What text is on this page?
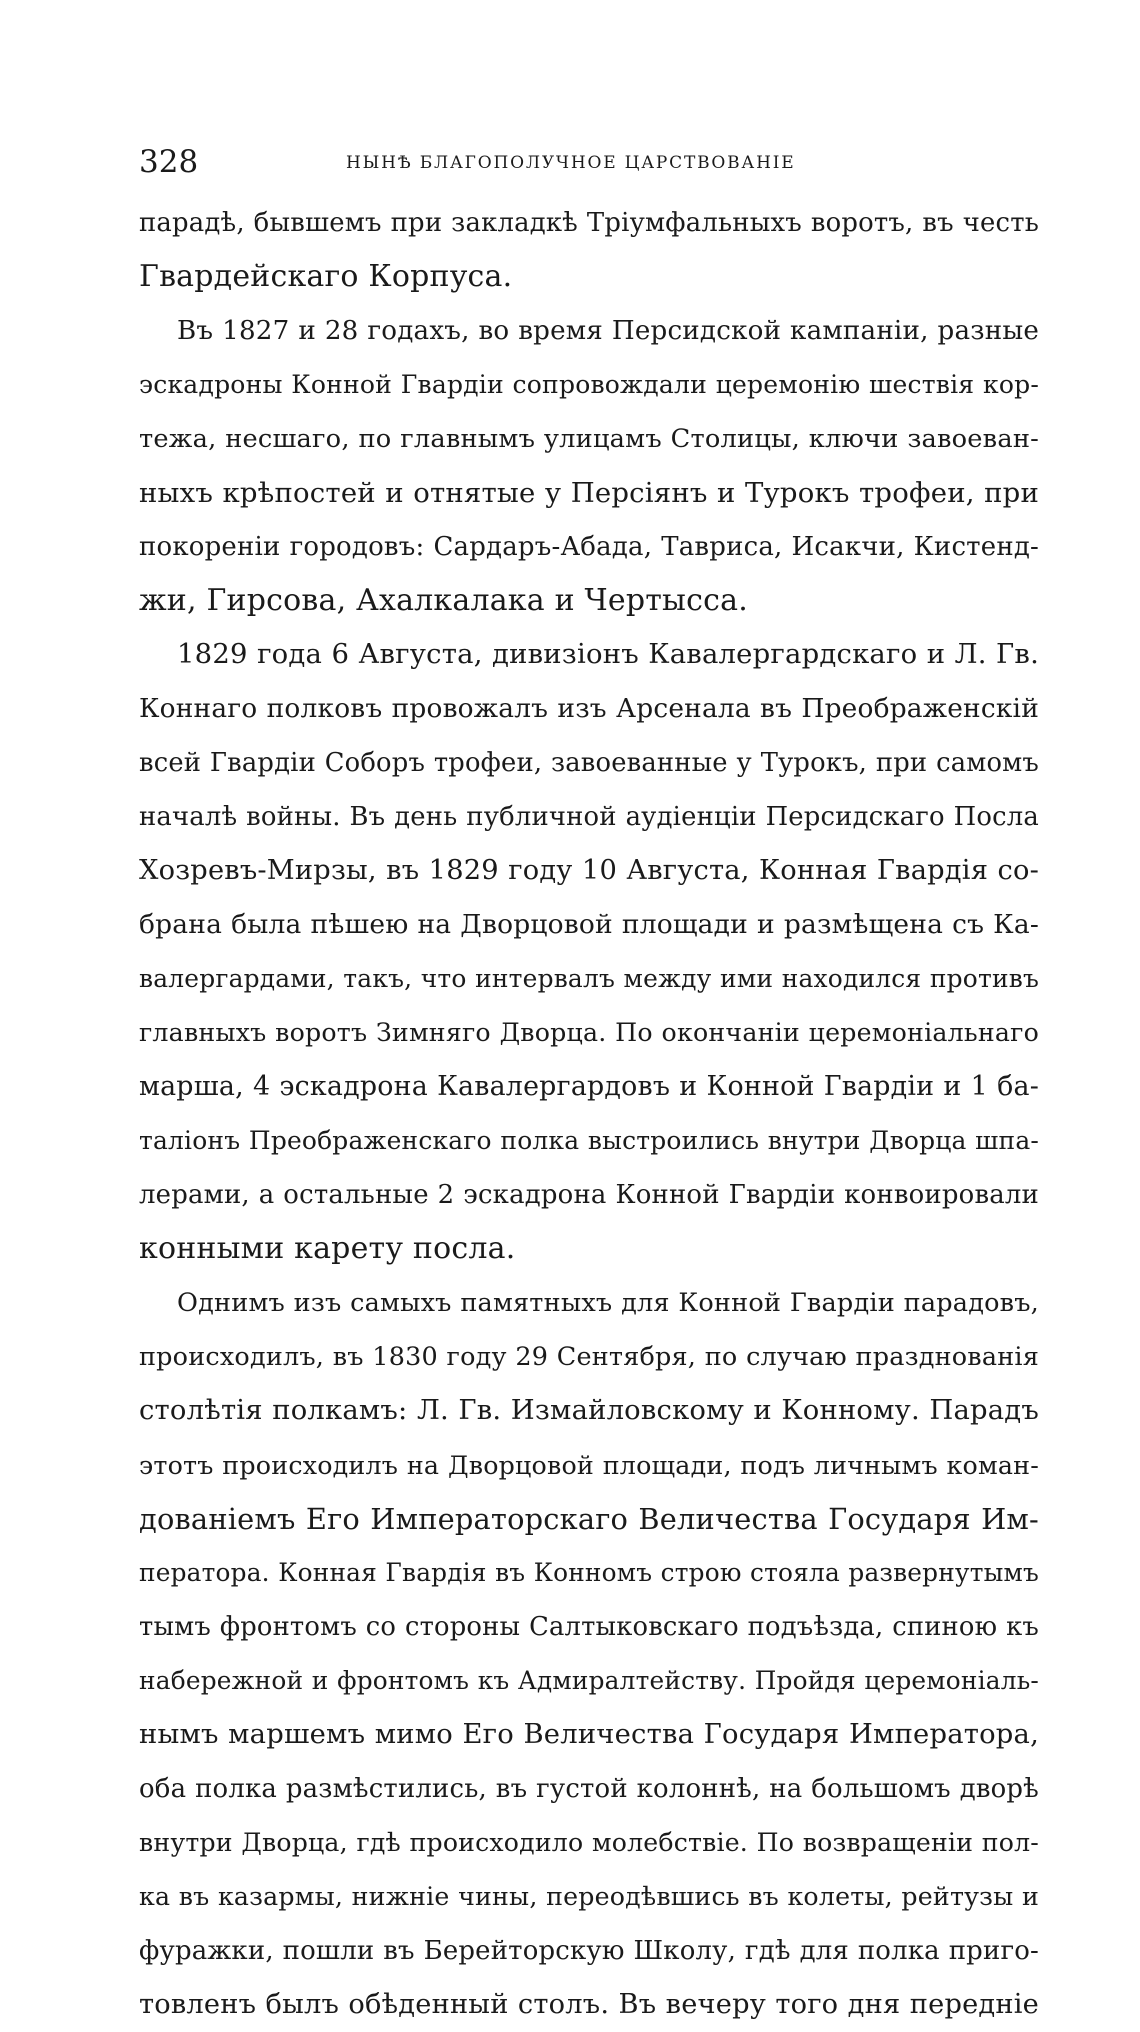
328	НЫНѢ БЛАГОПОЛУЧНОЕ ЦАРСТВОВАНІЕ
парадѣ, бывшемъ при закладкѣ Тріумфальныхъ воротъ, въ честь
Гвардейскаго Корпуса.
Въ 1827 и 28 годахъ, во время Персидской кампаніи, разные
эскадроны Конной Гвардіи сопровождали церемонію шествія кор-
тежа, несшаго, по главнымъ улицамъ Столицы, ключи завоеван-
ныхъ крѣпостей и отнятые у Персіянъ и Турокъ трофеи, при
покореніи городовъ: Сардаръ-Абада, Тавриса, Исакчи, Кистенд-
жи, Гирсова, Ахалкалака и Чертысса.
1829 года 6 Августа, дивизіонъ Кавалергардскаго и Л. Гв.
Коннаго полковъ провожалъ изъ Арсенала въ Преображенскій
всей Гвардіи Соборъ трофеи, завоеванные у Турокъ, при самомъ
началѣ войны. Въ день публичной аудіенціи Персидскаго Посла
Хозревъ-Мирзы, въ 1829 году 10 Августа, Конная Гвардія со-
брана была пѣшею на Дворцовой площади и размѣщена съ Ка-
валергардами, такъ, что интервалъ между ими находился противъ
главныхъ воротъ Зимняго Дворца. По окончаніи церемоніальнаго
марша, 4 эскадрона Кавалергардовъ и Конной Гвардіи и 1 ба-
таліонъ Преображенскаго полка выстроились внутри Дворца шпа-
лерами, а остальные 2 эскадрона Конной Гвардіи конвоировали
конными карету посла.
Однимъ изъ самыхъ памятныхъ для Конной Гвардіи парадовъ,
происходилъ, въ 1830 году 29 Сентября, по случаю празднованія
столѣтія полкамъ: Л. Гв. Измайловскому и Конному. Парадъ
этотъ происходилъ на Дворцовой площади, подъ личнымъ коман-
дованіемъ Его Императорскаго Величества Государя Им-
ператора. Конная Гвардія въ Конномъ строю стояла развернутымъ
тымъ фронтомъ со стороны Салтыковскаго подъѣзда, спиною къ
набережной и фронтомъ къ Адмиралтейству. Пройдя церемоніаль-
нымъ маршемъ мимо Его Величества Государя Императора,
оба полка размѣстились, въ густой колоннѣ, на большомъ дворѣ
внутри Дворца, гдѣ происходило молебствіе. По возвращеніи пол-
ка въ казармы, нижніе чины, переодѣвшись въ колеты, рейтузы и
фуражки, пошли въ Берейторскую Школу, гдѣ для полка приго-
товленъ былъ обѣденный столъ. Въ вечеру того дня передніе
